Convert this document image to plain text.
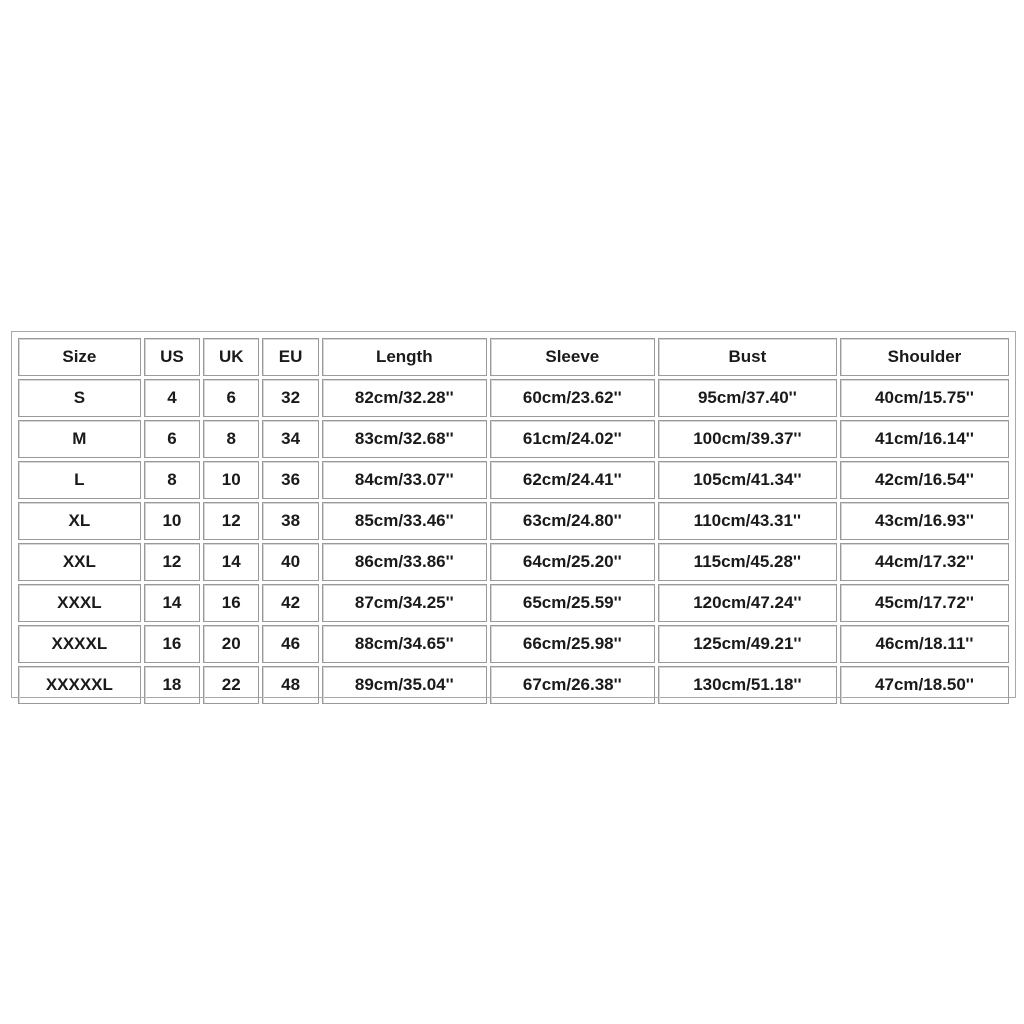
Size	US	UK	EU	Length	Sleeve	Bust	Shoulder
S	4	6	32	82cm/32.28''	60cm/23.62''	95cm/37.40''	40cm/15.75''
M	6	8	34	83cm/32.68''	61cm/24.02''	100cm/39.37''	41cm/16.14''
L	8	10	36	84cm/33.07''	62cm/24.41''	105cm/41.34''	42cm/16.54''
XL	10	12	38	85cm/33.46''	63cm/24.80''	110cm/43.31''	43cm/16.93''
XXL	12	14	40	86cm/33.86''	64cm/25.20''	115cm/45.28''	44cm/17.32''
XXXL	14	16	42	87cm/34.25''	65cm/25.59''	120cm/47.24''	45cm/17.72''
XXXXL	16	20	46	88cm/34.65''	66cm/25.98''	125cm/49.21''	46cm/18.11''
XXXXXL	18	22	48	89cm/35.04''	67cm/26.38''	130cm/51.18''	47cm/18.50''
